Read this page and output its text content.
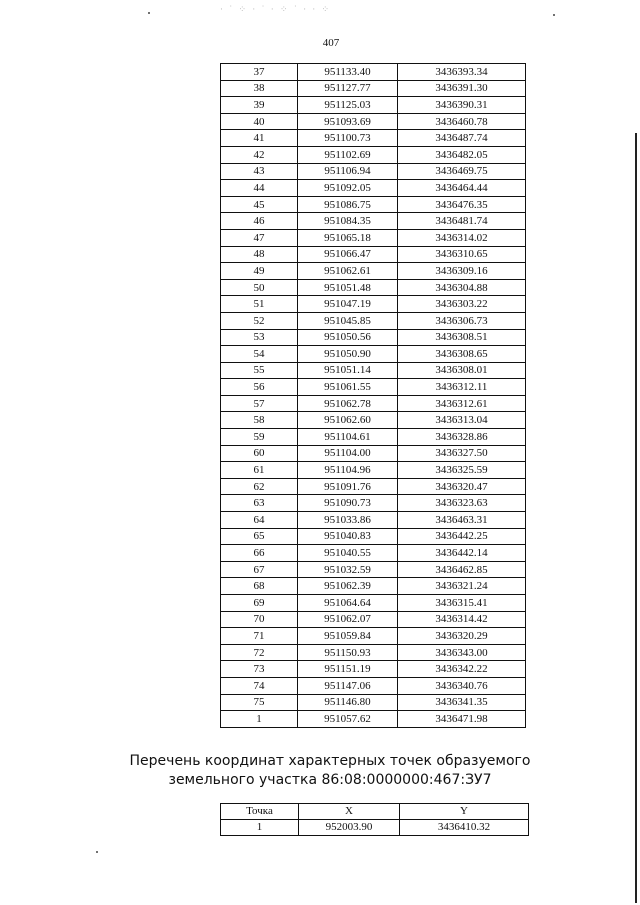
· ˙ ⁘ · ˙ · ⁘ ˙ · · ⁘
407
37	951133.40	3436393.34
38	951127.77	3436391.30
39	951125.03	3436390.31
40	951093.69	3436460.78
41	951100.73	3436487.74
42	951102.69	3436482.05
43	951106.94	3436469.75
44	951092.05	3436464.44
45	951086.75	3436476.35
46	951084.35	3436481.74
47	951065.18	3436314.02
48	951066.47	3436310.65
49	951062.61	3436309.16
50	951051.48	3436304.88
51	951047.19	3436303.22
52	951045.85	3436306.73
53	951050.56	3436308.51
54	951050.90	3436308.65
55	951051.14	3436308.01
56	951061.55	3436312.11
57	951062.78	3436312.61
58	951062.60	3436313.04
59	951104.61	3436328.86
60	951104.00	3436327.50
61	951104.96	3436325.59
62	951091.76	3436320.47
63	951090.73	3436323.63
64	951033.86	3436463.31
65	951040.83	3436442.25
66	951040.55	3436442.14
67	951032.59	3436462.85
68	951062.39	3436321.24
69	951064.64	3436315.41
70	951062.07	3436314.42
71	951059.84	3436320.29
72	951150.93	3436343.00
73	951151.19	3436342.22
74	951147.06	3436340.76
75	951146.80	3436341.35
1	951057.62	3436471.98
Перечень координат характерных точек образуемого
земельного участка 86:08:0000000:467:ЗУ7
Точка	X	Y
1	952003.90	3436410.32
